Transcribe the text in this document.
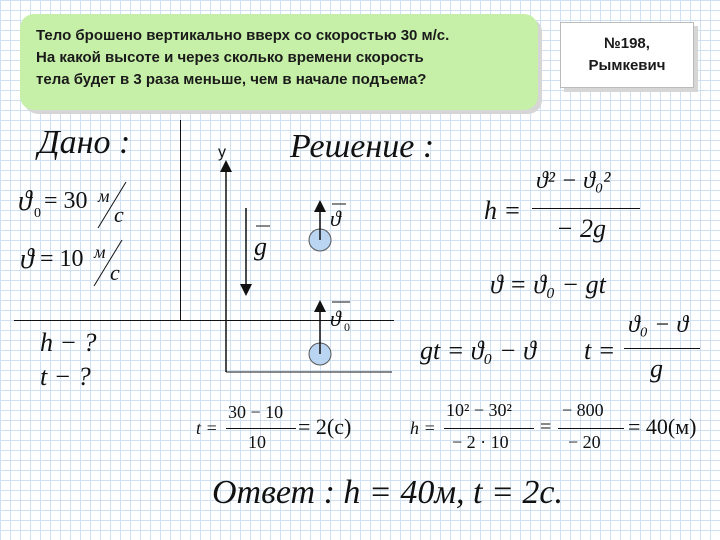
Тело брошено вертикально вверх со скоростью 30 м/с.
На какой высоте и через сколько времени скорость
тела будет в 3 раза меньше, чем в начале подъема?
№198,
Рымкевич
Дано :
ϑ 0 = 30 м
с
ϑ = 10 м
с
h − ?
t − ?
y
g
ϑ
ϑ 0
Решение :
h =
ϑ² − ϑ₀²
− 2g
ϑ = ϑ₀ − gt
gt = ϑ₀ − ϑ t =
ϑ₀ − ϑ
g
t =
30 − 10
10
= 2(с)	h =
10² − 30²
− 2 · 10
=
− 800
− 20
= 40(м)
Ответ : h = 40м, t = 2с.
